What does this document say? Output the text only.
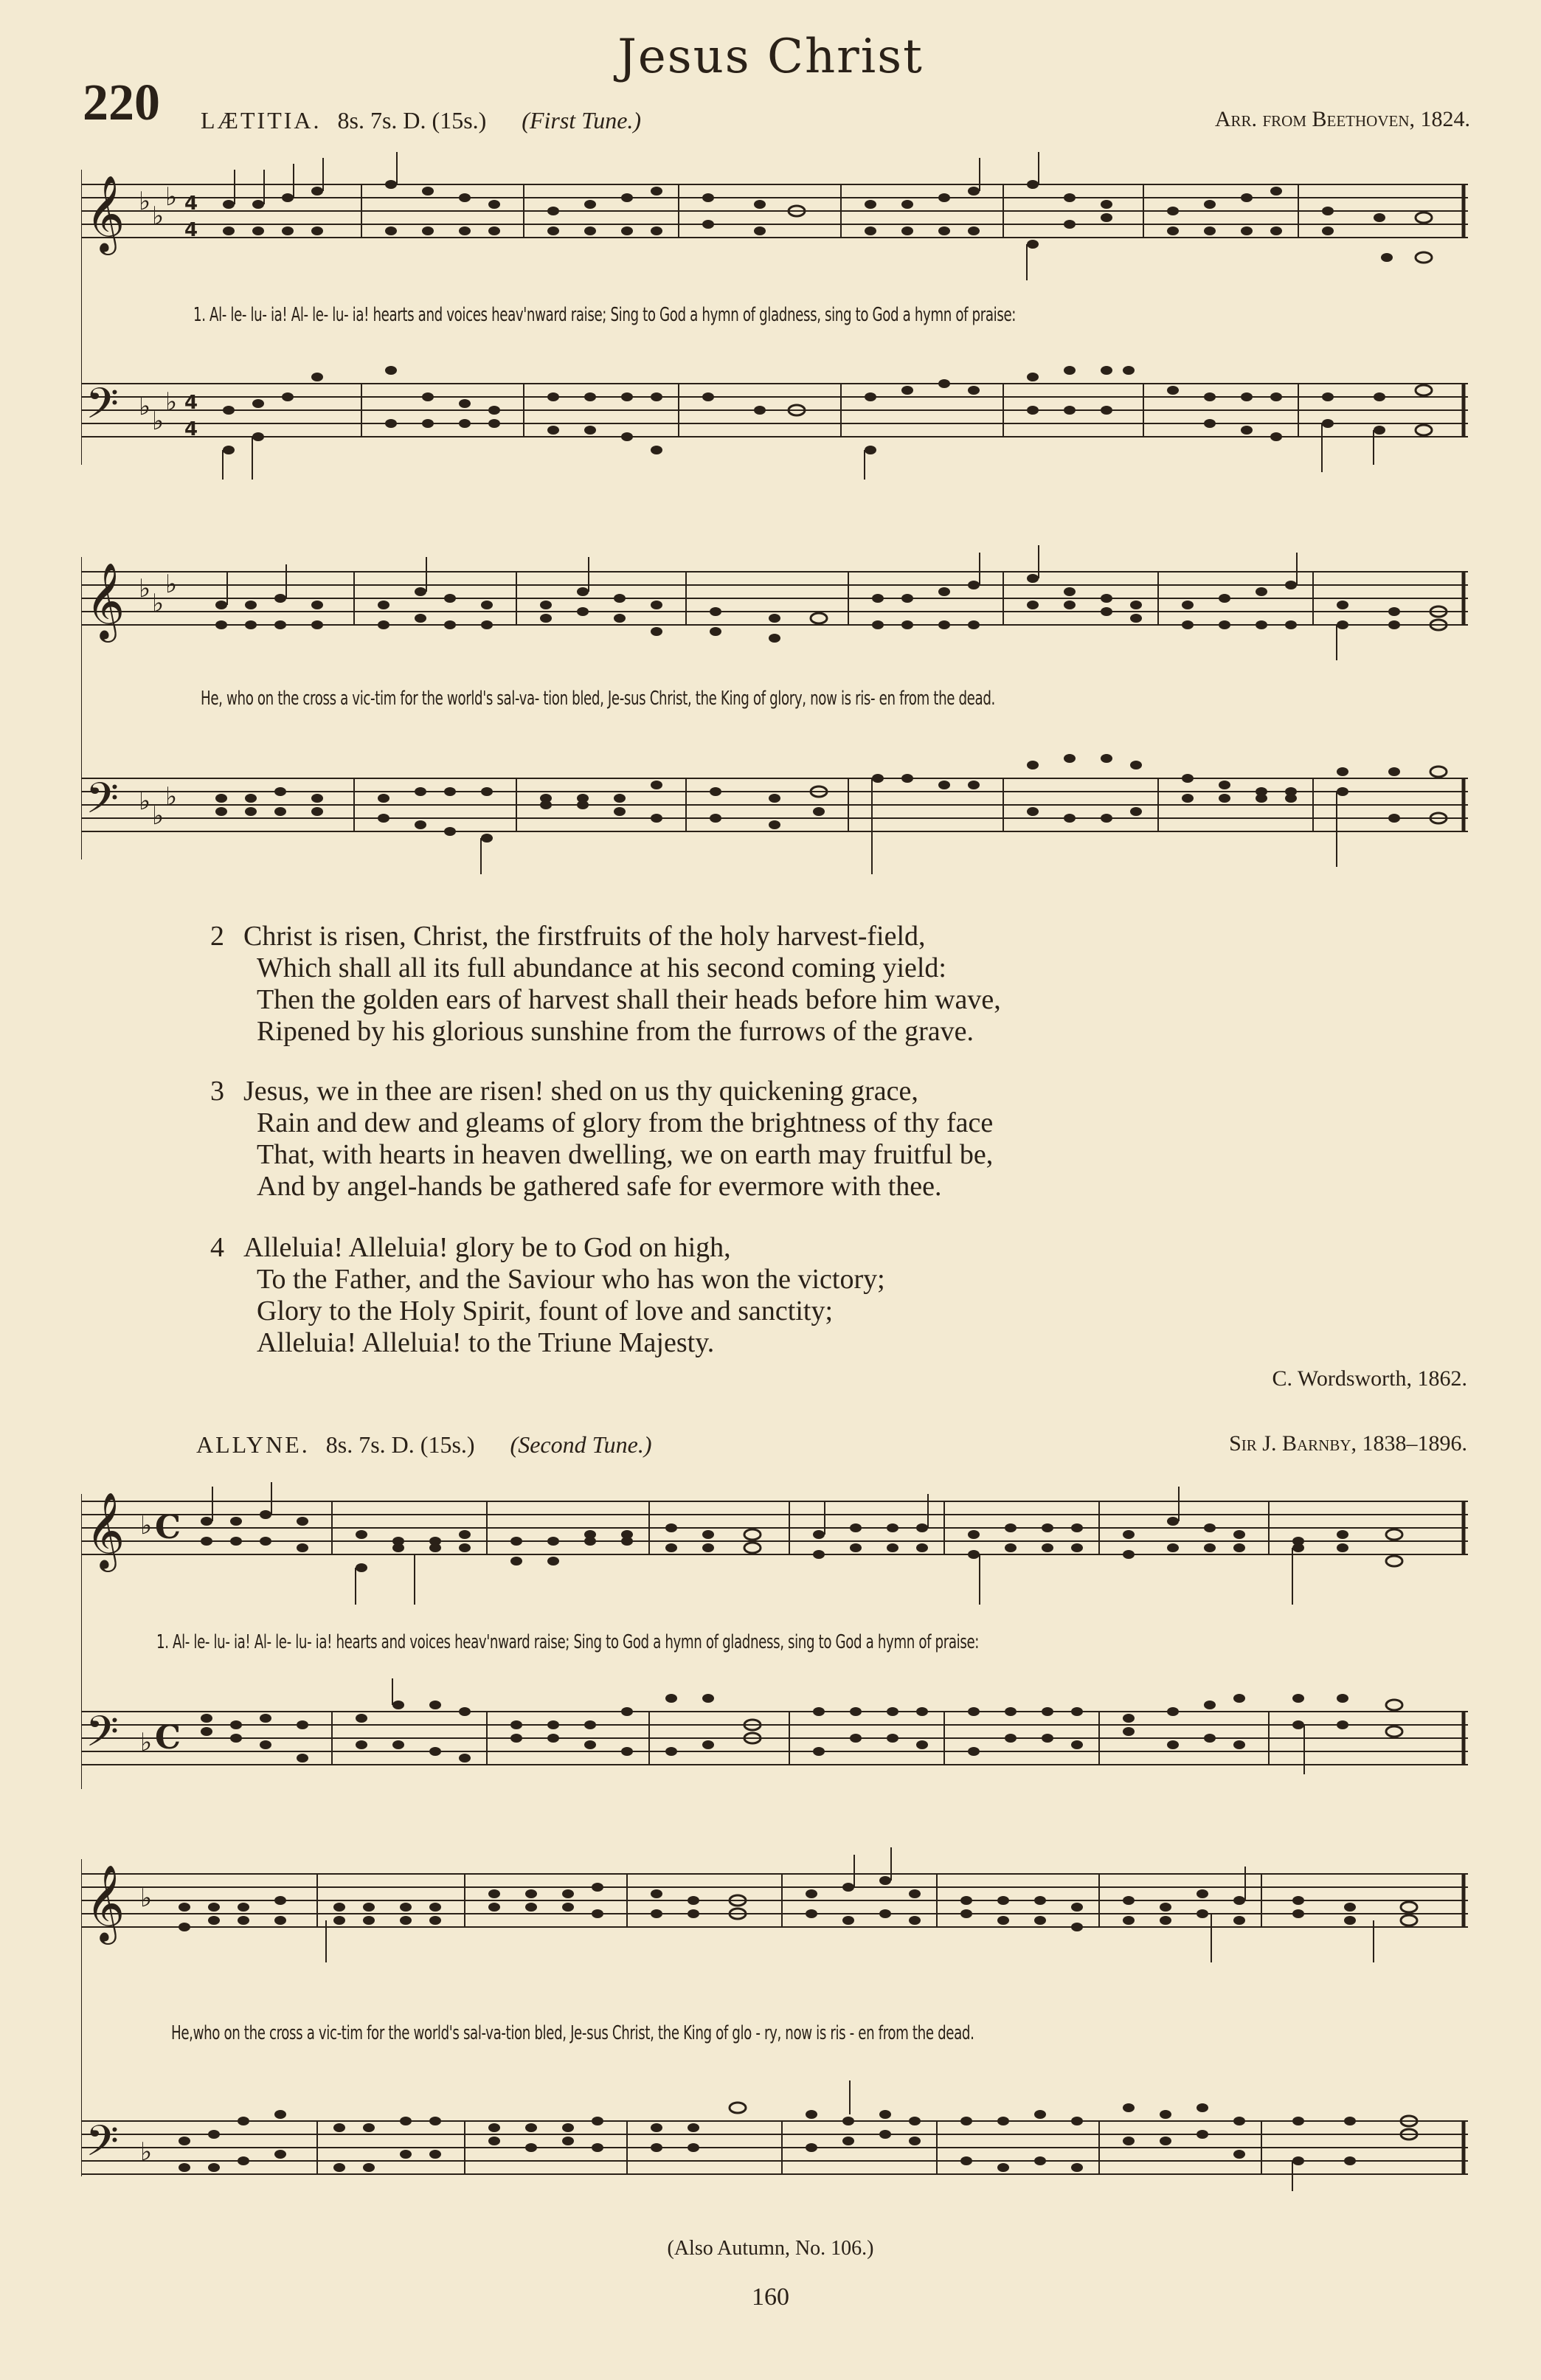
Jesus Christ
220 LÆTITIA. 8s. 7s. D. (15s.) (First Tune.)	Arr. from Beethoven, 1824.
𝄞
𝄢
♭ ♭
♭
♭ ♭
♭
4
4
4
4
1. Al- le- lu- ia! Al- le- lu- ia! hearts and voices heav'nward raise; Sing to God a hymn of gladness, sing to God a hymn of praise:
𝄞
𝄢
♭ ♭
♭
♭ ♭
♭
He, who on the cross a vic-tim for the world's sal-va- tion bled, Je-sus Christ, the King of glory, now is ris- en from the dead.
2 Christ is risen, Christ, the firstfruits of the holy harvest-field,
Which shall all its full abundance at his second coming yield:
Then the golden ears of harvest shall their heads before him wave,
Ripened by his glorious sunshine from the furrows of the grave.
3 Jesus, we in thee are risen! shed on us thy quickening grace,
Rain and dew and gleams of glory from the brightness of thy face
That, with hearts in heaven dwelling, we on earth may fruitful be,
And by angel-hands be gathered safe for evermore with thee.
4 Alleluia! Alleluia! glory be to God on high,
To the Father, and the Saviour who has won the victory;
Glory to the Holy Spirit, fount of love and sanctity;
Alleluia! Alleluia! to the Triune Majesty.
C. Wordsworth, 1862.
ALLYNE. 8s. 7s. D. (15s.) (Second Tune.)	Sir J. Barnby, 1838–1896.
𝄞
𝄢
♭
♭
C
C
1. Al- le- lu- ia! Al- le- lu- ia! hearts and voices heav'nward raise; Sing to God a hymn of gladness, sing to God a hymn of praise:
𝄞
𝄢
♭
♭
He,who on the cross a vic-tim for the world's sal-va-tion bled, Je-sus Christ, the King of glo - ry, now is ris - en from the dead.
(Also Autumn, No. 106.)
160
